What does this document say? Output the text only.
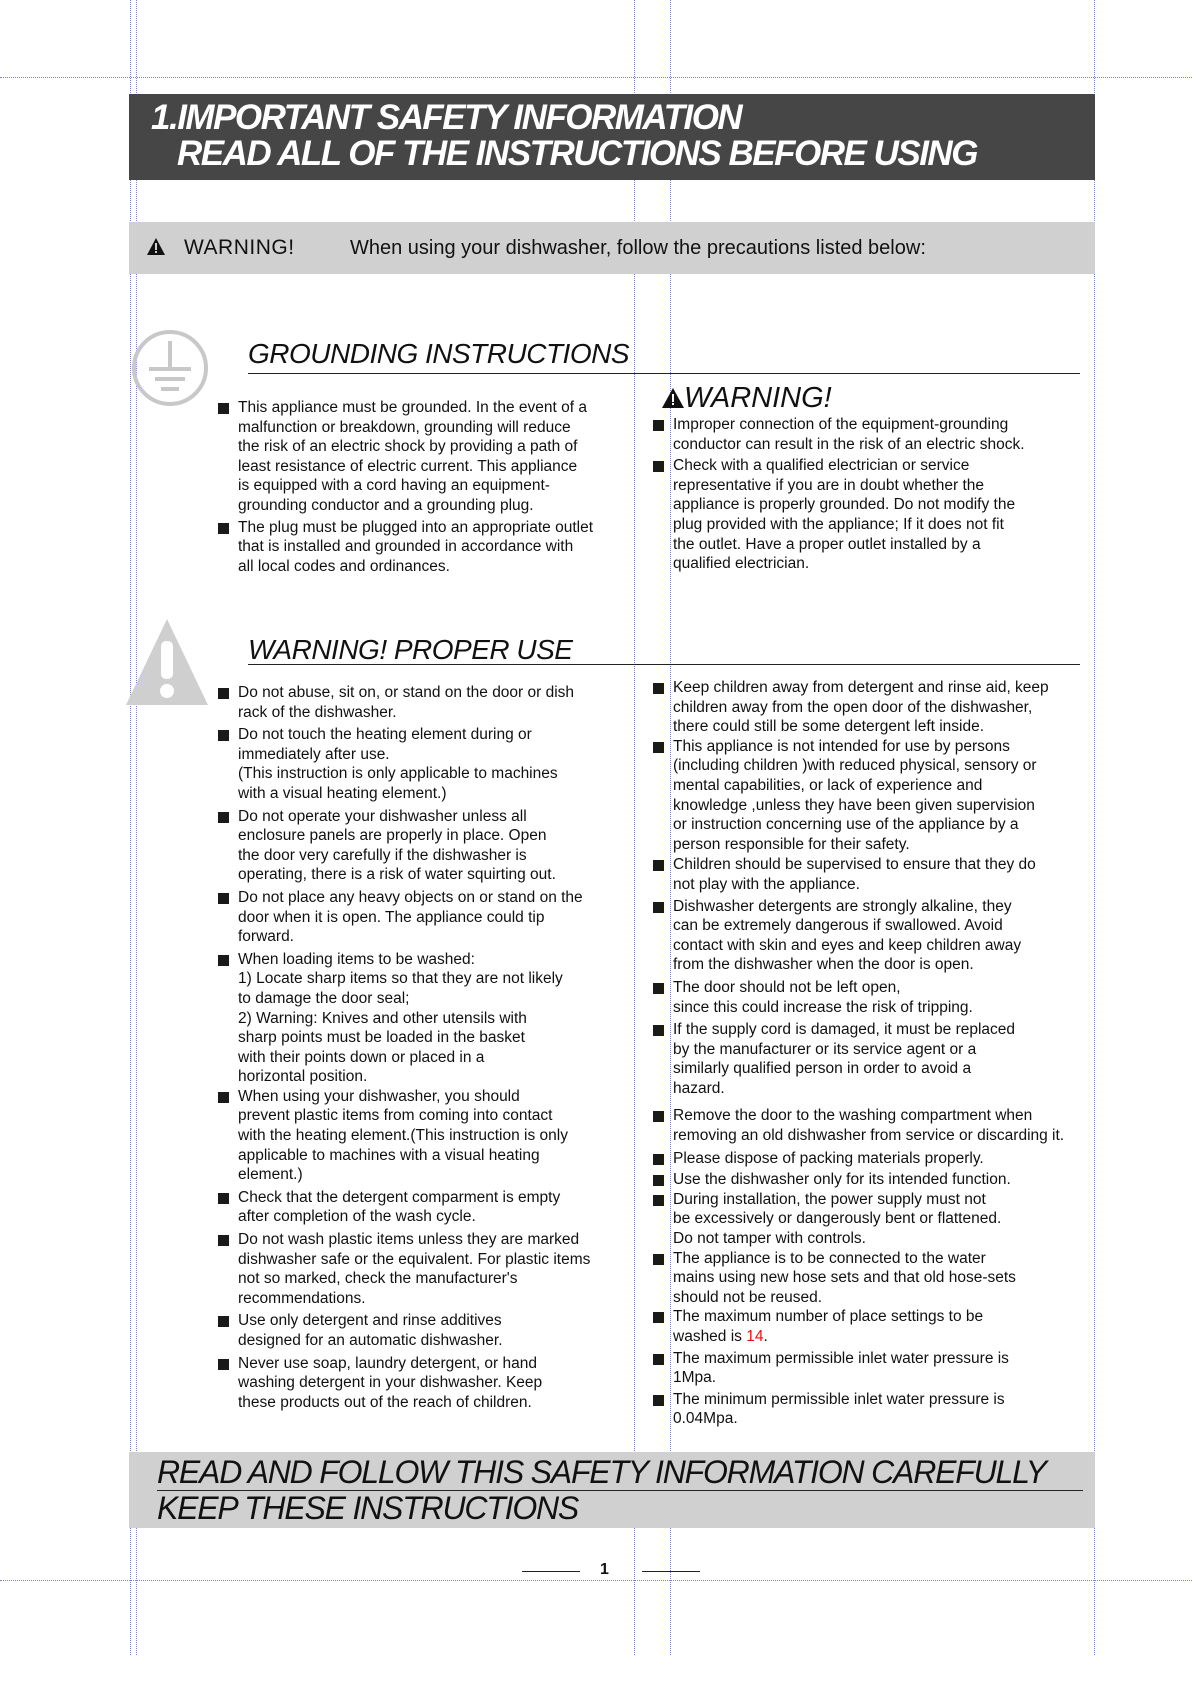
1.IMPORTANT SAFETY INFORMATION
READ ALL OF THE INSTRUCTIONS BEFORE USING
WARNING!	When using your dishwasher, follow the precautions listed below:
GROUNDING INSTRUCTIONS
This appliance must be grounded. In the event of a
malfunction or breakdown, grounding will reduce
the risk of an electric shock by providing a path of
least resistance of electric current. This appliance
is equipped with a cord having an equipment-
grounding conductor and a grounding plug.
The plug must be plugged into an appropriate outlet
that is installed and grounded in accordance with
all local codes and ordinances.
WARNING!
Improper connection of the equipment-grounding
conductor can result in the risk of an electric shock.
Check with a qualified electrician or service
representative if you are in doubt whether the
appliance is properly grounded. Do not modify the
plug provided with the appliance; If it does not fit
the outlet. Have a proper outlet installed by a
qualified electrician.
WARNING! PROPER USE
Do not abuse, sit on, or stand on the door or dish
rack of the dishwasher.
Do not touch the heating element during or
immediately after use.
(This instruction is only applicable to machines
with a visual heating element.)
Do not operate your dishwasher unless all
enclosure panels are properly in place. Open
the door very carefully if the dishwasher is
operating, there is a risk of water squirting out.
Do not place any heavy objects on or stand on the
door when it is open. The appliance could tip
forward.
When loading items to be washed:
1) Locate sharp items so that they are not likely
to damage the door seal;
2) Warning: Knives and other utensils with
sharp points must be loaded in the basket
with their points down or placed in a
horizontal position.
When using your dishwasher, you should
prevent plastic items from coming into contact
with the heating element.(This instruction is only
applicable to machines with a visual heating
element.)
Check that the detergent comparment is empty
after completion of the wash cycle.
Do not wash plastic items unless they are marked
dishwasher safe or the equivalent. For plastic items
not so marked, check the manufacturer's
recommendations.
Use only detergent and rinse additives
designed for an automatic dishwasher.
Never use soap, laundry detergent, or hand
washing detergent in your dishwasher. Keep
these products out of the reach of children.
Keep children away from detergent and rinse aid, keep
children away from the open door of the dishwasher,
there could still be some detergent left inside.
This appliance is not intended for use by persons
(including children )with reduced physical, sensory or
mental capabilities, or lack of experience and
knowledge ,unless they have been given supervision
or instruction concerning use of the appliance by a
person responsible for their safety.
Children should be supervised to ensure that they do
not play with the appliance.
Dishwasher detergents are strongly alkaline, they
can be extremely dangerous if swallowed. Avoid
contact with skin and eyes and keep children away
from the dishwasher when the door is open.
The door should not be left open,
since this could increase the risk of tripping.
If the supply cord is damaged, it must be replaced
by the manufacturer or its service agent or a
similarly qualified person in order to avoid a
hazard.
Remove the door to the washing compartment when
removing an old dishwasher from service or discarding it.
Please dispose of packing materials properly.
Use the dishwasher only for its intended function.
During installation, the power supply must not
be excessively or dangerously bent or flattened.
Do not tamper with controls.
The appliance is to be connected to the water
mains using new hose sets and that old hose-sets
should not be reused.
The maximum number of place settings to be
washed is 14.
The maximum permissible inlet water pressure is
1Mpa.
The minimum permissible inlet water pressure is
0.04Mpa.
READ AND FOLLOW THIS SAFETY INFORMATION CAREFULLY
KEEP THESE INSTRUCTIONS
1
